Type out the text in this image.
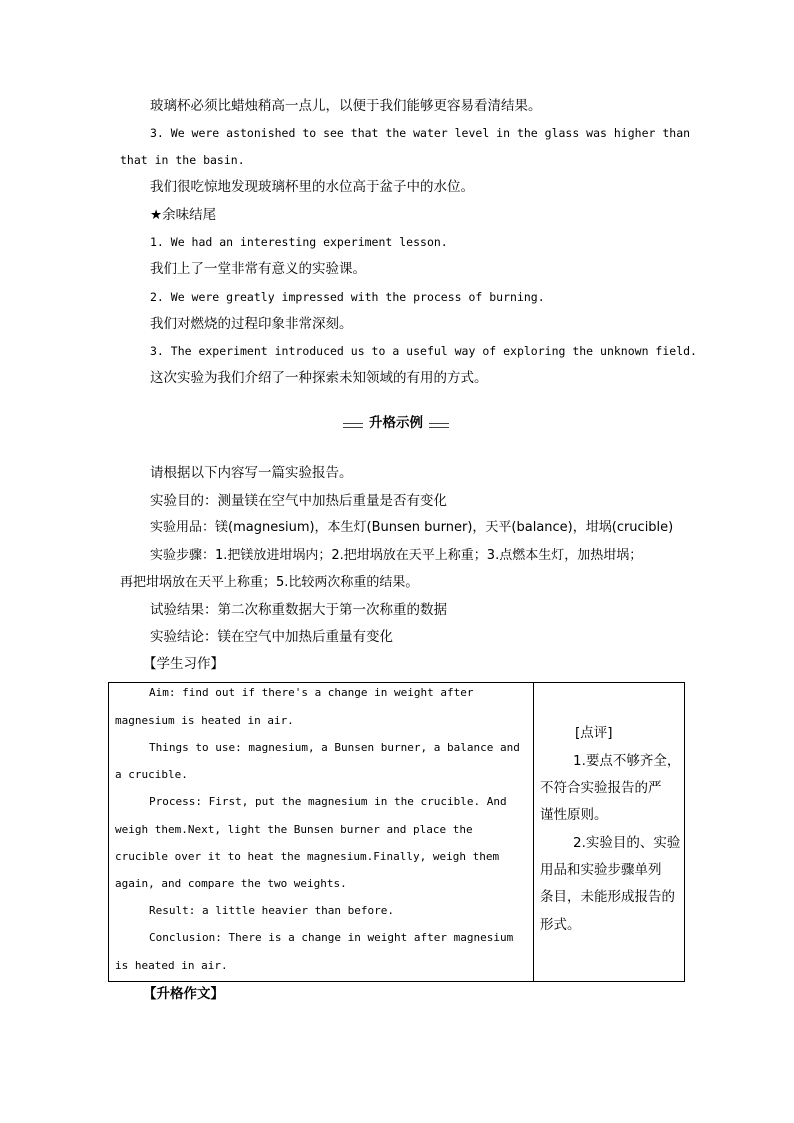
玻璃杯必须比蜡烛稍高一点儿，以便于我们能够更容易看清结果。
3. We were astonished to see that the water level in the glass was higher than
that in the basin.
我们很吃惊地发现玻璃杯里的水位高于盆子中的水位。
★余味结尾
1. We had an interesting experiment lesson.
我们上了一堂非常有意义的实验课。
2. We were greatly impressed with the process of burning.
我们对燃烧的过程印象非常深刻。
3. The experiment introduced us to a useful way of exploring the unknown field.
这次实验为我们介绍了一种探索未知领域的有用的方式。
升格示例
请根据以下内容写一篇实验报告。
实验目的：测量镁在空气中加热后重量是否有变化
实验用品：镁(magnesium)，本生灯(Bunsen burner)，天平(balance)，坩埚(crucible)
实验步骤：1.把镁放进坩埚内；2.把坩埚放在天平上称重；3.点燃本生灯，加热坩埚；
再把坩埚放在天平上称重；5.比较两次称重的结果。
试验结果：第二次称重数据大于第一次称重的数据
实验结论：镁在空气中加热后重量有变化
【学生习作】
Aim: find out if there's a change in weight after
magnesium is heated in air.
Things to use: magnesium, a Bunsen burner, a balance and
a crucible.
Process: First, put the magnesium in the crucible. And
weigh them.Next, light the Bunsen burner and place the
crucible over it to heat the magnesium.Finally, weigh them
again, and compare the two weights.
Result: a little heavier than before.
Conclusion: There is a change in weight after magnesium
is heated in air.
[点评]
1.要点不够齐全，
不符合实验报告的严
谨性原则。
2.实验目的、实验
用品和实验步骤单列
条目，未能形成报告的
形式。
【升格作文】
